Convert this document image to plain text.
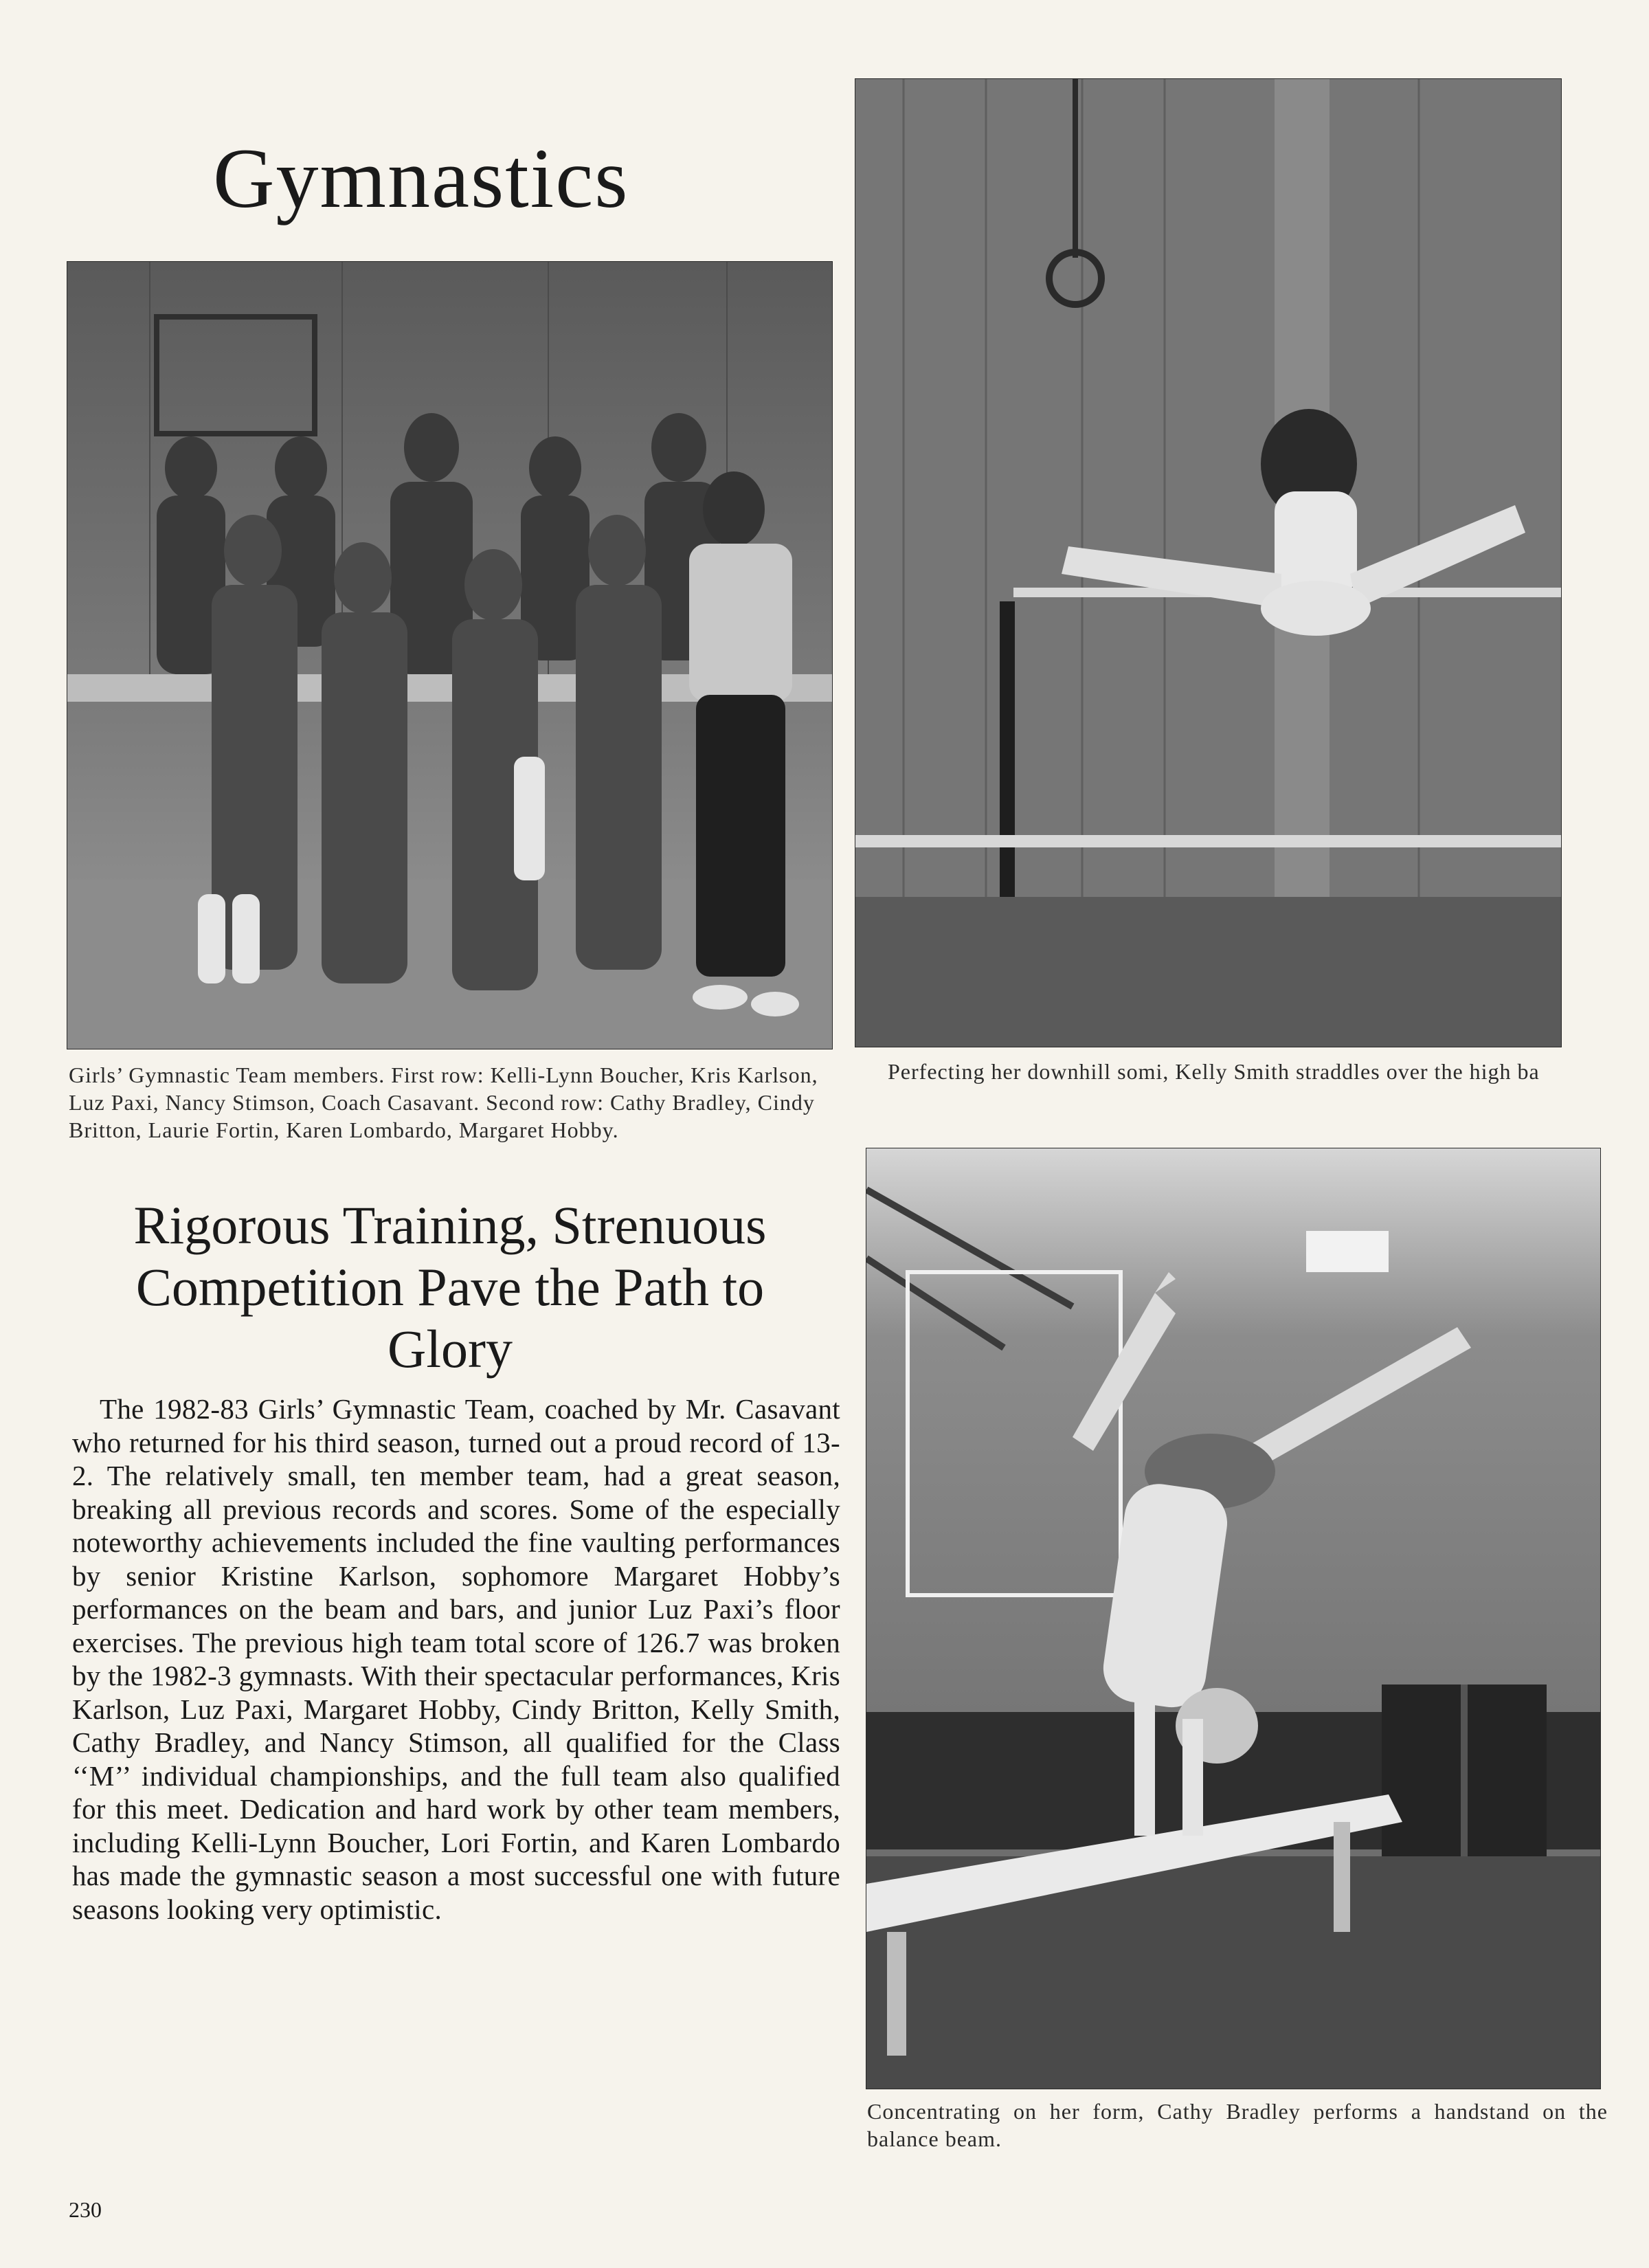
Gymnastics
Girls’ Gymnastic Team members. First row: Kelli-Lynn Boucher, Kris Karlson, Luz Paxi, Nancy Stimson, Coach Casavant. Second row: Cathy Bradley, Cindy Britton, Laurie Fortin, Karen Lombardo, Margaret Hobby.
Perfecting her downhill somi, Kelly Smith straddles over the high ba
Rigorous Training, Strenuous Competition Pave the Path to Glory
The 1982-83 Girls’ Gymnastic Team, coached by Mr. Casavant who returned for his third season, turned out a proud record of 13-2. The relatively small, ten member team, had a great season, breaking all previous records and scores. Some of the especially noteworthy achievements included the fine vaulting performances by senior Kristine Karlson, sophomore Margaret Hobby’s performances on the beam and bars, and junior Luz Paxi’s floor exercises. The previous high team total score of 126.7 was broken by the 1982-3 gymnasts. With their spectacular performances, Kris Karlson, Luz Paxi, Margaret Hobby, Cindy Britton, Kelly Smith, Cathy Bradley, and Nancy Stimson, all qualified for the Class ‘‘M’’ individual championships, and the full team also qualified for this meet. Dedication and hard work by other team members, including Kelli-Lynn Boucher, Lori Fortin, and Karen Lombardo has made the gymnastic season a most successful one with future seasons looking very optimistic.
Concentrating on her form, Cathy Bradley performs a handstand on the balance beam.
230
